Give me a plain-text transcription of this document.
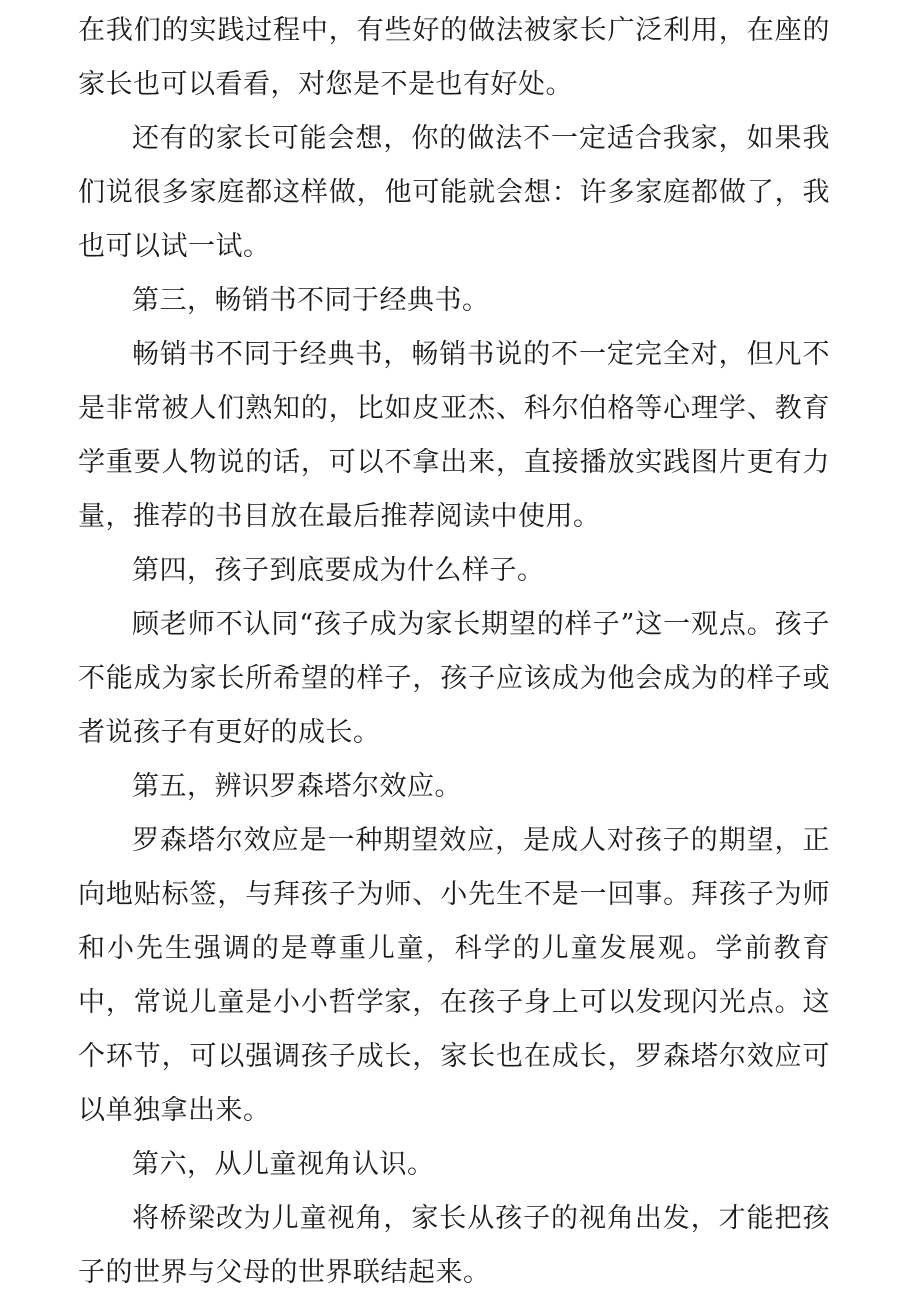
在我们的实践过程中，有些好的做法被家长广泛利用，在座的家长也可以看看，对您是不是也有好处。

还有的家长可能会想，你的做法不一定适合我家，如果我们说很多家庭都这样做，他可能就会想：许多家庭都做了，我也可以试一试。

第三，畅销书不同于经典书。

畅销书不同于经典书，畅销书说的不一定完全对，但凡不是非常被人们熟知的，比如皮亚杰、科尔伯格等心理学、教育学重要人物说的话，可以不拿出来，直接播放实践图片更有力量，推荐的书目放在最后推荐阅读中使用。

第四，孩子到底要成为什么样子。

顾老师不认同“孩子成为家长期望的样子”这一观点。孩子不能成为家长所希望的样子，孩子应该成为他会成为的样子或者说孩子有更好的成长。

第五，辨识罗森塔尔效应。

罗森塔尔效应是一种期望效应，是成人对孩子的期望，正向地贴标签，与拜孩子为师、小先生不是一回事。拜孩子为师和小先生强调的是尊重儿童，科学的儿童发展观。学前教育中，常说儿童是小小哲学家，在孩子身上可以发现闪光点。这个环节，可以强调孩子成长，家长也在成长，罗森塔尔效应可以单独拿出来。

第六，从儿童视角认识。

将桥梁改为儿童视角，家长从孩子的视角出发，才能把孩子的世界与父母的世界联结起来。
